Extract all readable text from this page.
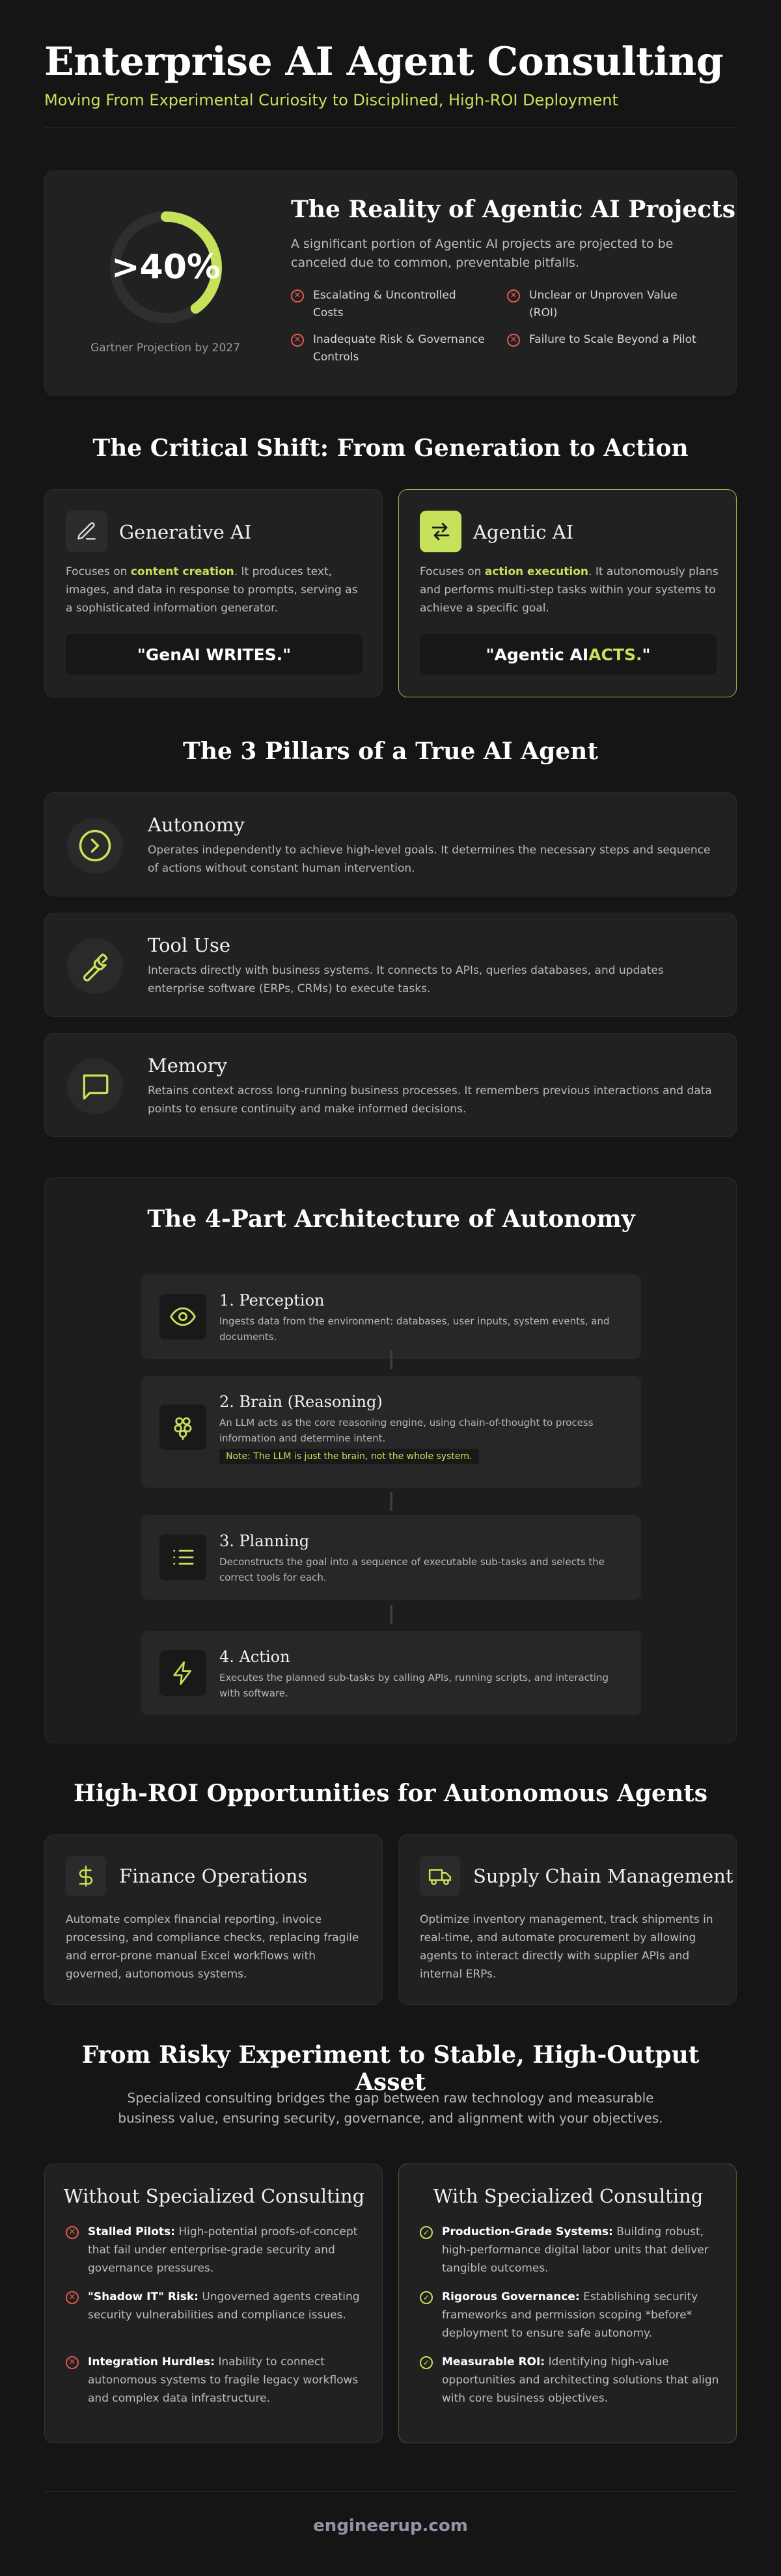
Enterprise AI Agent Consulting
Moving From Experimental Curiosity to Disciplined, High-ROI Deployment
>40%
Gartner Projection by 2027
The Reality of Agentic AI Projects
A significant portion of Agentic AI projects are projected to be canceled due to common, preventable pitfalls.
✕ Escalating & Uncontrolled Costs
✕ Unclear or Unproven Value (ROI)
✕ Inadequate Risk & Governance Controls
✕ Failure to Scale Beyond a Pilot
The Critical Shift: From Generation to Action
Generative AI
Focuses on content creation. It produces text, images, and data in response to prompts, serving as a sophisticated information generator.
"GenAI WRITES."
Agentic AI
Focuses on action execution. It autonomously plans and performs multi-step tasks within your systems to achieve a specific goal.
"Agentic AI ACTS. "
The 3 Pillars of a True AI Agent
Autonomy
Operates independently to achieve high-level goals. It determines the necessary steps and sequence of actions without constant human intervention.
Tool Use
Interacts directly with business systems. It connects to APIs, queries databases, and updates enterprise software (ERPs, CRMs) to execute tasks.
Memory
Retains context across long-running business processes. It remembers previous interactions and data points to ensure continuity and make informed decisions.
The 4-Part Architecture of Autonomy
1. Perception
Ingests data from the environment: databases, user inputs, system events, and documents.
2. Brain (Reasoning)
An LLM acts as the core reasoning engine, using chain-of-thought to process information and determine intent.
Note: The LLM is just the brain, not the whole system.
3. Planning
Deconstructs the goal into a sequence of executable sub-tasks and selects the correct tools for each.
4. Action
Executes the planned sub-tasks by calling APIs, running scripts, and interacting with software.
High-ROI Opportunities for Autonomous Agents
Finance Operations
Automate complex financial reporting, invoice processing, and compliance checks, replacing fragile and error-prone manual Excel workflows with governed, autonomous systems.
Supply Chain Management
Optimize inventory management, track shipments in real-time, and automate procurement by allowing agents to interact directly with supplier APIs and internal ERPs.
From Risky Experiment to Stable, High-Output Asset
Specialized consulting bridges the gap between raw technology and measurable business value, ensuring security, governance, and alignment with your objectives.
Without Specialized Consulting
✕ Stalled Pilots: High-potential proofs-of-concept that fail under enterprise-grade security and governance pressures.
✕ "Shadow IT" Risk: Ungoverned agents creating security vulnerabilities and compliance issues.
✕ Integration Hurdles: Inability to connect autonomous systems to fragile legacy workflows and complex data infrastructure.
With Specialized Consulting
✓ Production-Grade Systems: Building robust, high-performance digital labor units that deliver tangible outcomes.
✓ Rigorous Governance: Establishing security frameworks and permission scoping *before* deployment to ensure safe autonomy.
✓ Measurable ROI: Identifying high-value opportunities and architecting solutions that align with core business objectives.
engineerup.com
